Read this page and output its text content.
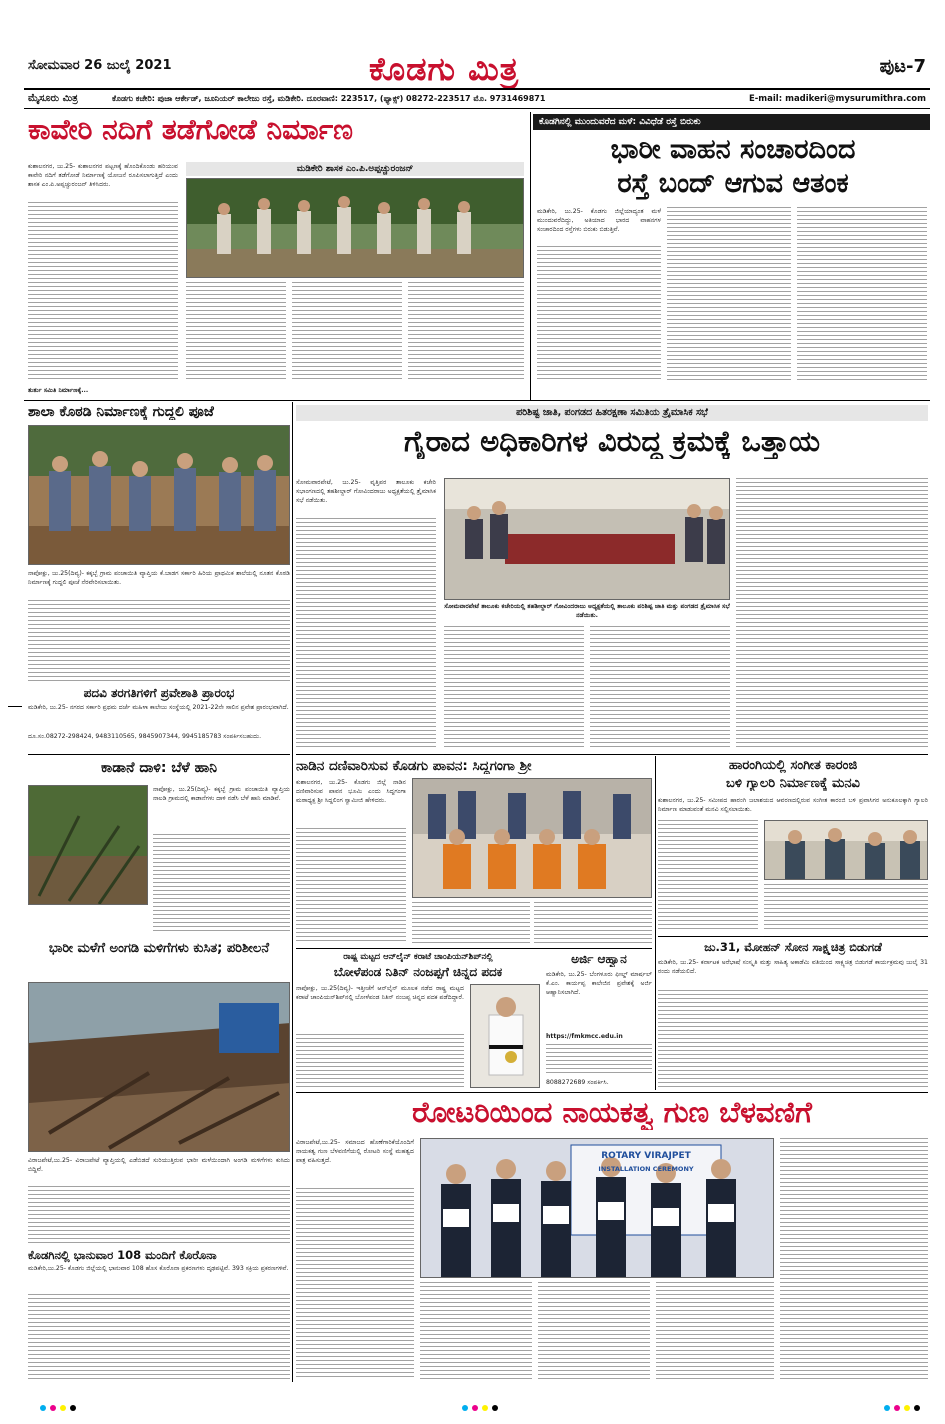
ಸೋಮವಾರ 26 ಜುಲೈ 2021	ಕೊಡಗು ಮಿತ್ರ	ಪುಟ-7
ಮೈಸೂರು ಮಿತ್ರ	ಕೊಡಗು ಕಚೇರಿ: ಪುಜಾ ಆರ್ಕೇಡ್, ಜೂನಿಯರ್ ಕಾಲೇಜು ರಸ್ತೆ, ಮಡಿಕೇರಿ. ದೂರವಾಣಿ: 223517, (ಫ್ಯಾಕ್ಸ್) 08272-223517 ಮೊ. 9731469871	E-mail: madikeri@mysurumithra.com
ಕಾವೇರಿ ನದಿಗೆ ತಡೆಗೋಡೆ ನಿರ್ಮಾಣ
ಮಡಿಕೇರಿ ಶಾಸಕ ಎಂ.ಪಿ.ಅಪ್ಪಚ್ಚುರಂಜನ್
ಕುಶಾಲನಗರ, ಜು.25- ಕುಶಾಲನಗರ ಪಟ್ಟಣಕ್ಕೆ ಹೊಂದಿಕೊಂಡು ಹರಿಯುವ ಕಾವೇರಿ ನದಿಗೆ ತಡೆಗೋಡೆ ನಿರ್ಮಾಣಕ್ಕೆ ಯೋಜನೆ ರೂಪಿಸಲಾಗುತ್ತಿದೆ ಎಂದು ಶಾಸಕ ಎಂ.ಪಿ.ಅಪ್ಪಚ್ಚುರಂಜನ್ ತಿಳಿಸಿದರು.
ತುರ್ತು ಸಮಿತಿ ನಿರ್ಮಾಣಕ್ಕೆ...
ಕೊಡಗಿನಲ್ಲಿ ಮುಂದುವರೆದ ಮಳೆ: ವಿವಿಧೆಡೆ ರಸ್ತೆ ಬಿರುಕು
ಭಾರೀ ವಾಹನ ಸಂಚಾರದಿಂದ
ರಸ್ತೆ ಬಂದ್ ಆಗುವ ಆತಂಕ
ಮಡಿಕೇರಿ, ಜು.25- ಕೊಡಗು ಜಿಲ್ಲೆಯಾದ್ಯಂತ ಮಳೆ ಮುಂದುವರೆದಿದ್ದು, ಅತಿಯಾದ ಭಾರದ ವಾಹನಗಳ ಸಂಚಾರದಿಂದ ರಸ್ತೆಗಳು ಬಿರುಕು ಬಿಡುತ್ತಿವೆ.
ಶಾಲಾ ಕೊಠಡಿ ನಿರ್ಮಾಣಕ್ಕೆ ಗುದ್ದಲಿ ಪೂಜೆ
ನಾಪೋಕ್ಲು, ಜು.25(ದಿವ್ಯ)- ಕಕ್ಕಬ್ಬೆ ಗ್ರಾಮ ಪಂಚಾಯಿತಿ ವ್ಯಾಪ್ತಿಯ ಕೆ.ಬಾಡಗ ಸರ್ಕಾರಿ ಹಿರಿಯ ಪ್ರಾಥಮಿಕ ಶಾಲೆಯಲ್ಲಿ ನೂತನ ಕೊಠಡಿ ನಿರ್ಮಾಣಕ್ಕೆ ಗುದ್ದಲಿ ಪೂಜೆ ನೆರವೇರಿಸಲಾಯಿತು.
ಪದವಿ ತರಗತಿಗಳಿಗೆ ಪ್ರವೇಶಾತಿ ಪ್ರಾರಂಭ
ಮಡಿಕೇರಿ, ಜು.25- ನಗರದ ಸರ್ಕಾರಿ ಪ್ರಥಮ ದರ್ಜೆ ಮಹಿಳಾ ಕಾಲೇಜು ಸಂಸ್ಥೆಯಲ್ಲಿ 2021-22ನೇ ಸಾಲಿನ ಪ್ರವೇಶ ಪ್ರಾರಂಭವಾಗಿದೆ.
ದೂ.ಸಂ.08272-298424, 9483110565, 9845907344, 9945185783 ಸಂಪರ್ಕಿಸಬಹುದು.
ಕಾಡಾನೆ ದಾಳಿ: ಬೆಳೆ ಹಾನಿ
ನಾಪೋಕ್ಲು, ಜು.25(ದಿವ್ಯ)- ಕಕ್ಕಬ್ಬೆ ಗ್ರಾಮ ಪಂಚಾಯಿತಿ ವ್ಯಾಪ್ತಿಯ ನಾಲಡಿ ಗ್ರಾಮದಲ್ಲಿ ಕಾಡಾನೆಗಳು ದಾಳಿ ನಡೆಸಿ ಬೆಳೆ ಹಾನಿ ಮಾಡಿವೆ.
ಭಾರೀ ಮಳೆಗೆ ಅಂಗಡಿ ಮಳಿಗೆಗಳು ಕುಸಿತ; ಪರಿಶೀಲನೆ
ವಿರಾಜಪೇಟೆ,ಜು.25- ವಿರಾಜಪೇಟೆ ವ್ಯಾಪ್ತಿಯಲ್ಲಿ ಎಡೆಬಿಡದೆ ಸುರಿಯುತ್ತಿರುವ ಭಾರೀ ಮಳೆಯಿಂದಾಗಿ ಅಂಗಡಿ ಮಳಿಗೆಗಳು ಕುಸಿದು ಬಿದ್ದಿವೆ.
ಕೊಡಗಿನಲ್ಲಿ ಭಾನುವಾರ 108 ಮಂದಿಗೆ ಕೊರೊನಾ
ಮಡಿಕೇರಿ,ಜು.25- ಕೊಡಗು ಜಿಲ್ಲೆಯಲ್ಲಿ ಭಾನುವಾರ 108 ಹೊಸ ಕೊರೊನಾ ಪ್ರಕರಣಗಳು ದೃಢಪಟ್ಟಿವೆ. 393 ಸಕ್ರಿಯ ಪ್ರಕರಣಗಳಿವೆ.
ಪರಿಶಿಷ್ಟ ಜಾತಿ, ಪಂಗಡದ ಹಿತರಕ್ಷಣಾ ಸಮಿತಿಯ ತ್ರೈಮಾಸಿಕ ಸಭೆ
ಗೈರಾದ ಅಧಿಕಾರಿಗಳ ವಿರುದ್ಧ ಕ್ರಮಕ್ಕೆ ಒತ್ತಾಯ
ಸೋಮವಾರಪೇಟೆ, ಜು.25- ವೃತ್ತಿಪರ ತಾಲೂಕು ಕಚೇರಿ ಸಭಾಂಗಣದಲ್ಲಿ ತಹಶೀಲ್ದಾರ್ ಗೋವಿಂದರಾಜು ಅಧ್ಯಕ್ಷತೆಯಲ್ಲಿ ತ್ರೈಮಾಸಿಕ ಸಭೆ ನಡೆಯಿತು.
ಸೋಮವಾರಪೇಟೆ ತಾಲೂಕು ಕಚೇರಿಯಲ್ಲಿ ತಹಶೀಲ್ದಾರ್ ಗೋವಿಂದರಾಜು ಅಧ್ಯಕ್ಷತೆಯಲ್ಲಿ ತಾಲೂಕು ಪರಿಶಿಷ್ಟ ಜಾತಿ ಮತ್ತು ಪಂಗಡದ ತ್ರೈಮಾಸಿಕ ಸಭೆ ನಡೆಯಿತು.
ನಾಡಿನ ದಣಿವಾರಿಸುವ ಕೊಡಗು ಪಾವನ: ಸಿದ್ದಗಂಗಾ ಶ್ರೀ
ಕುಶಾಲನಗರ, ಜು.25- ಕೊಡಗು ಜಿಲ್ಲೆ ನಾಡಿನ ದಣಿವಾರಿಸುವ ಪಾವನ ಭೂಮಿ ಎಂದು ಸಿದ್ದಗಂಗಾ ಮಠಾಧ್ಯಕ್ಷ ಶ್ರೀ ಸಿದ್ದಲಿಂಗ ಸ್ವಾಮೀಜಿ ಹೇಳಿದರು.
ರಾಷ್ಟ್ರ ಮಟ್ಟದ ಆನ್‌ಲೈನ್ ಕರಾಟೆ ಚಾಂಪಿಯನ್‌ಶಿಪ್‌ನಲ್ಲಿ
ಬೋಳೆಪಂಡ ನಿತಿನ್ ನಂಜಪ್ಪಗೆ ಚಿನ್ನದ ಪದಕ
ನಾಪೋಕ್ಲು, ಜು.25(ದಿವ್ಯ)- ಇತ್ತೀಚೆಗೆ ಆನ್‌ಲೈನ್ ಮೂಲಕ ನಡೆದ ರಾಷ್ಟ್ರ ಮಟ್ಟದ ಕರಾಟೆ ಚಾಂಪಿಯನ್‌ಶಿಪ್‌ನಲ್ಲಿ ಬೋಳೆಪಂಡ ನಿತಿನ್ ನಂಜಪ್ಪ ಚಿನ್ನದ ಪದಕ ಪಡೆದಿದ್ದಾರೆ.
ಅರ್ಜಿ ಆಹ್ವಾನ
ಮಡಿಕೇರಿ, ಜು.25- ಬೆಂಗಳೂರು ಫೀಲ್ಡ್ ಮಾರ್ಷಲ್ ಕೆ.ಎಂ. ಕಾರ್ಯಪ್ಪ ಕಾಲೇಜಿನ ಪ್ರವೇಶಕ್ಕೆ ಅರ್ಜಿ ಆಹ್ವಾನಿಸಲಾಗಿದೆ.
https://fmkmcc.edu.in
8088272689 ಸಂಪರ್ಕಿಸಿ.
ಹಾರಂಗಿಯಲ್ಲಿ ಸಂಗೀತ ಕಾರಂಜಿ
ಬಳಿ ಗ್ಯಾಲರಿ ನಿರ್ಮಾಣಕ್ಕೆ ಮನವಿ
ಕುಶಾಲನಗರ, ಜು.25- ಸಮೀಪದ ಹಾರಂಗಿ ಜಲಾಶಯದ ಆವರಣದಲ್ಲಿರುವ ಸಂಗೀತ ಕಾರಂಜಿ ಬಳಿ ಪ್ರವಾಸಿಗರ ಅನುಕೂಲಕ್ಕಾಗಿ ಗ್ಯಾಲರಿ ನಿರ್ಮಾಣ ಮಾಡುವಂತೆ ಮನವಿ ಸಲ್ಲಿಸಲಾಯಿತು.
ಜು.31, ಮೋಹನ್ ಸೋನ ಸಾಕ್ಷ್ಯಚಿತ್ರ ಬಿಡುಗಡೆ
ಮಡಿಕೇರಿ, ಜು.25- ಕರ್ನಾಟಕ ಅರೆಭಾಷೆ ಸಂಸ್ಕೃತಿ ಮತ್ತು ಸಾಹಿತ್ಯ ಅಕಾಡೆಮಿ ವತಿಯಿಂದ ಸಾಕ್ಷ್ಯಚಿತ್ರ ಬಿಡುಗಡೆ ಕಾರ್ಯಕ್ರಮವು ಜುಲೈ 31 ರಂದು ನಡೆಯಲಿದೆ.
ರೋಟರಿಯಿಂದ ನಾಯಕತ್ವ ಗುಣ ಬೆಳವಣಿಗೆ
ವಿರಾಜಪೇಟೆ,ಜು.25- ಸಮಾಜದ ಹೊಣೆಗಾರಿಕೆಯೊಂದಿಗೆ ನಾಯಕತ್ವ ಗುಣ ಬೆಳವಣಿಗೆಯಲ್ಲಿ ರೋಟರಿ ಸಂಸ್ಥೆ ಮಹತ್ವದ ಪಾತ್ರ ವಹಿಸುತ್ತದೆ.	ROTARY VIRAJPET
INSTALLATION CEREMONY
